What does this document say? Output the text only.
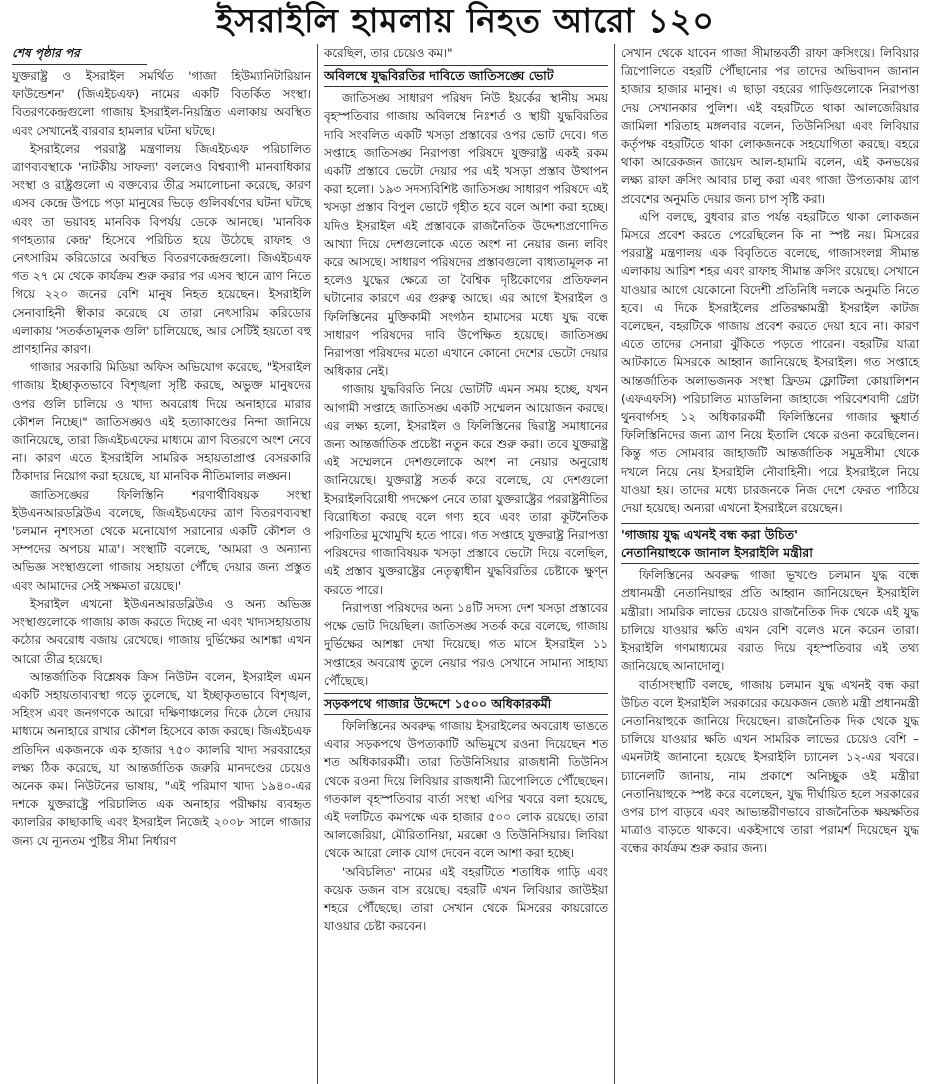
ইসরাইলি হামলায় নিহত আরো ১২০
শেষ পৃষ্ঠার পর

যুক্তরাষ্ট্র ও ইসরাইল সমর্থিত 'গাজা হিউম্যানিটারিয়ান ফাউন্ডেশন' (জিএইচএফ) নামের একটি বিতর্কিত সংস্থা। বিতরণকেন্দ্রগুলো গাজায় ইসরাইল-নিয়ন্ত্রিত এলাকায় অবস্থিত এবং সেখানেই বারবার হামলার ঘটনা ঘটছে।

ইসরাইলের পররাষ্ট্র মন্ত্রণালয় জিএইচএফ পরিচালিত ত্রাণব্যবস্থাকে 'নাটকীয় সাফল্য' বললেও বিশ্বব্যাপী মানবাধিকার সংস্থা ও রাষ্ট্রগুলো এ বক্তব্যের তীব্র সমালোচনা করেছে, কারণ এসব কেন্দ্রে উপচে পড়া মানুষের ভিড়ে গুলিবর্ষণের ঘটনা ঘটছে এবং তা ভয়াবহ মানবিক বিপর্যয় ডেকে আনছে। 'মানবিক গণহত্যার কেন্দ্র' হিসেবে পরিচিত হয়ে উঠেছে রাফাহ ও নেৎসারিম করিডোরে অবস্থিত বিতরণকেন্দ্রগুলো। জিএইচএফ গত ২৭ মে থেকে কার্যক্রম শুরু করার পর এসব স্থানে ত্রাণ নিতে গিয়ে ২২০ জনের বেশি মানুষ নিহত হয়েছেন। ইসরাইলি সেনাবাহিনী স্বীকার করেছে যে তারা নেৎসারিম করিডোর এলাকায় 'সতর্কতামূলক গুলি' চালিয়েছে, আর সেটিই হয়তো বহু প্রাণহানির কারণ।

গাজার সরকারি মিডিয়া অফিস অভিযোগ করেছে, "ইসরাইল গাজায় ইচ্ছাকৃতভাবে বিশৃঙ্খলা সৃষ্টি করছে, অভুক্ত মানুষদের ওপর গুলি চালিয়ে ও খাদ্য অবরোধ দিয়ে অনাহারে মারার কৌশল নিচ্ছে।" জাতিসঙ্ঘও এই হত্যাকাণ্ডের নিন্দা জানিয়ে জানিয়েছে, তারা জিএইচএফের মাধ্যমে ত্রাণ বিতরণে অংশ নেবে না। কারণ এতে ইসরাইলি সামরিক সহায়তাপ্রাপ্ত বেসরকারি ঠিকাদার নিয়োগ করা হয়েছে, যা মানবিক নীতিমালার লঙ্ঘন।

জাতিসঙ্ঘের ফিলিস্তিনি শরণার্থীবিষয়ক সংস্থা ইউএনআরডব্লিউএ বলেছে, জিএইচএফের ত্রাণ বিতরণব্যবস্থা 'চলমান নৃশংসতা থেকে মনোযোগ সরানোর একটি কৌশল ও সম্পদের অপচয় মাত্র'। সংস্থাটি বলেছে, 'আমরা ও অন্যান্য অভিজ্ঞ সংস্থাগুলো গাজায় সহায়তা পৌঁছে দেয়ার জন্য প্রস্তুত এবং আমাদের সেই সক্ষমতা রয়েছে।'

ইসরাইল এখনো ইউএনআরডব্লিউএ ও অন্য অভিজ্ঞ সংস্থাগুলোকে গাজায় কাজ করতে দিচ্ছে না এবং খাদ্যসহায়তায় কঠোর অবরোধ বজায় রেখেছে। গাজায় দুর্ভিক্ষের আশঙ্কা এখন আরো তীব্র হয়েছে।

আন্তর্জাতিক বিশ্লেষক ক্রিস নিউটন বলেন, ইসরাইল এমন একটি সহায়তাব্যবস্থা গড়ে তুলেছে, যা ইচ্ছাকৃতভাবে বিশৃঙ্খল, সহিংস এবং জনগণকে আরো দক্ষিণাঞ্চলের দিকে ঠেলে দেয়ার মাধ্যমে অনাহারে রাখার কৌশল হিসেবে কাজ করছে। জিএইচএফ প্রতিদিন একজনকে এক হাজার ৭৫০ ক্যালরি খাদ্য সরবরাহের লক্ষ্য ঠিক করেছে, যা আন্তর্জাতিক জরুরি মানদণ্ডের চেয়েও অনেক কম। নিউটনের ভাষায়, "এই পরিমাণ খাদ্য ১৯৪০-এর দশকে যুক্তরাষ্ট্রে পরিচালিত এক অনাহার পরীক্ষায় ব্যবহৃত ক্যালরির কাছাকাছি এবং ইসরাইল নিজেই ২০০৮ সালে গাজার জন্য যে ন্যূনতম পুষ্টির সীমা নির্ধারণ

করেছিল, তার চেয়েও কম।"

অবিলম্বে যুদ্ধবিরতির দাবিতে জাতিসঙ্ঘে ভোট

জাতিসঙ্ঘ সাধারণ পরিষদ নিউ ইয়র্কের স্থানীয় সময় বৃহস্পতিবার গাজায় অবিলম্বে নিঃশর্ত ও স্থায়ী যুদ্ধবিরতির দাবি সংবলিত একটি খসড়া প্রস্তাবের ওপর ভোট দেবে। গত সপ্তাহে জাতিসঙ্ঘ নিরাপত্তা পরিষদে যুক্তরাষ্ট্র একই রকম একটি প্রস্তাবে ভেটো দেয়ার পর এই খসড়া প্রস্তাব উত্থাপন করা হলো। ১৯৩ সদস্যবিশিষ্ট জাতিসঙ্ঘ সাধারণ পরিষদে এই খসড়া প্রস্তাব বিপুল ভোটে গৃহীত হবে বলে আশা করা হচ্ছে। যদিও ইসরাইল এই প্রস্তাবকে রাজনৈতিক উদ্দেশ্যপ্রণোদিত আখ্যা দিয়ে দেশগুলোকে এতে অংশ না নেয়ার জন্য লবিং করে আসছে। সাধারণ পরিষদের প্রস্তাবগুলো বাধ্যতামূলক না হলেও যুদ্ধের ক্ষেত্রে তা বৈশ্বিক দৃষ্টিকোণের প্রতিফলন ঘটানোর কারণে এর গুরুত্ব আছে। এর আগে ইসরাইল ও ফিলিস্তিনের মুক্তিকামী সংগঠন হামাসের মধ্যে যুদ্ধ বন্ধে সাধারণ পরিষদের দাবি উপেক্ষিত হয়েছে। জাতিসঙ্ঘ নিরাপত্তা পরিষদের মতো এখানে কোনো দেশের ভেটো দেয়ার অধিকার নেই।

গাজায় যুদ্ধবিরতি নিয়ে ভোটটি এমন সময় হচ্ছে, যখন আগামী সপ্তাহে জাতিসঙ্ঘ একটি সম্মেলন আয়োজন করছে। এর লক্ষ্য হলো, ইসরাইল ও ফিলিস্তিনের দ্বিরাষ্ট্র সমাধানের জন্য আন্তর্জাতিক প্রচেষ্টা নতুন করে শুরু করা। তবে যুক্তরাষ্ট্র এই সম্মেলনে দেশগুলোকে অংশ না নেয়ার অনুরোধ জানিয়েছে। যুক্তরাষ্ট্র সতর্ক করে বলেছে, যে দেশগুলো ইসরাইলবিরোধী পদক্ষেপ নেবে তারা যুক্তরাষ্ট্রের পররাষ্ট্রনীতির বিরোধিতা করছে বলে গণ্য হবে এবং তারা কূটনৈতিক পরিণতির মুখোমুখি হতে পারে। গত সপ্তাহে যুক্তরাষ্ট্র নিরাপত্তা পরিষদের গাজাবিষয়ক খসড়া প্রস্তাবে ভেটো দিয়ে বলেছিল, এই প্রস্তাব যুক্তরাষ্ট্রের নেতৃত্বাধীন যুদ্ধবিরতির চেষ্টাকে ক্ষুণ্ন করতে পারে।

নিরাপত্তা পরিষদের অন্য ১৪টি সদস্য দেশ খসড়া প্রস্তাবের পক্ষে ভোট দিয়েছিল। জাতিসঙ্ঘ সতর্ক করে বলেছে, গাজায় দুর্ভিক্ষের আশঙ্কা দেখা দিয়েছে। গত মাসে ইসরাইল ১১ সপ্তাহের অবরোধ তুলে নেয়ার পরও সেখানে সামান্য সাহায্য পৌঁছেছে।

সড়কপথে গাজার উদ্দেশে ১৫০০ অধিকারকর্মী

ফিলিস্তিনের অবরুদ্ধ গাজায় ইসরাইলের অবরোধ ভাঙতে এবার সড়কপথে উপত্যকাটি অভিমুখে রওনা দিয়েছেন শত শত অধিকারকর্মী। তারা তিউনিসিয়ার রাজধানী তিউনিস থেকে রওনা দিয়ে লিবিয়ার রাজধানী ত্রিপোলিতে পৌঁছেছেন। গতকাল বৃহস্পতিবার বার্তা সংস্থা এপির খবরে বলা হয়েছে, এই দলটিতে কমপক্ষে এক হাজার ৫০০ লোক রয়েছে। তারা আলজেরিয়া, মৌরিতানিয়া, মরক্কো ও তিউনিসিয়ার। লিবিয়া থেকে আরো লোক যোগ দেবেন বলে আশা করা হচ্ছে।

'অবিচলিত' নামের এই বহরটিতে শতাধিক গাড়ি এবং কয়েক ডজন বাস রয়েছে। বহরটি এখন লিবিয়ার জাউইয়া শহরে পৌঁছেছে। তারা সেখান থেকে মিসরের কায়রোতে যাওয়ার চেষ্টা করবেন।

সেখান থেকে যাবেন গাজা সীমান্তবর্তী রাফা ক্রসিংয়ে। লিবিয়ার ত্রিপোলিতে বহরটি পৌঁছানোর পর তাদের অভিবাদন জানান হাজার হাজার মানুষ। এ ছাড়া বহরের গাড়িগুলোকে নিরাপত্তা দেয় সেখানকার পুলিশ। এই বহরটিতে থাকা আলজেরিয়ার জামিলা শরিতাহ মঙ্গলবার বলেন, তিউনিসিয়া এবং লিবিয়ার কর্তৃপক্ষ বহরটিতে থাকা লোকজনকে সহযোগিতা করছে। বহরে থাকা আরেকজন জায়েদ আল-হামামি বলেন, এই কনভয়ের লক্ষ্য রাফা ক্রসিং আবার চালু করা এবং গাজা উপত্যকায় ত্রাণ প্রবেশের অনুমতি দেয়ার জন্য চাপ সৃষ্টি করা।

এপি বলছে, বুধবার রাত পর্যন্ত বহরটিতে থাকা লোকজন মিসরে প্রবেশ করতে পেরেছিলেন কি না স্পষ্ট নয়। মিসরের পররাষ্ট্র মন্ত্রণালয় এক বিবৃতিতে বলেছে, গাজাসংলগ্ন সীমান্ত এলাকায় আরিশ শহর এবং রাফাহ সীমান্ত ক্রসিং রয়েছে। সেখানে যাওয়ার আগে যেকোনো বিদেশী প্রতিনিধি দলকে অনুমতি নিতে হবে। এ দিকে ইসরাইলের প্রতিরক্ষামন্ত্রী ইসরাইল কাটজ বলেছেন, বহরটিকে গাজায় প্রবেশ করতে দেয়া হবে না। কারণ এতে তাদের সেনারা ঝুঁকিতে পড়তে পারেন। বহরটির যাত্রা আটকাতে মিসরকে আহ্বান জানিয়েছে ইসরাইল। গত সপ্তাহে আন্তর্জাতিক অলাভজনক সংস্থা ফ্রিডম ফ্লোটিলা কোয়ালিশন (এফএফসি) পরিচালিত ম্যাডলিনা জাহাজে পরিবেশবাদী গ্রেটা থুনবার্গসহ ১২ অধিকারকর্মী ফিলিস্তিনের গাজার ক্ষুধার্ত ফিলিস্তিনিদের জন্য ত্রাণ নিয়ে ইতালি থেকে রওনা করেছিলেন। কিন্তু গত সোমবার জাহাজটি আন্তর্জাতিক সমুদ্রসীমা থেকে দখলে নিয়ে নেয় ইসরাইলি নৌবাহিনী। পরে ইসরাইলে নিয়ে যাওয়া হয়। তাদের মধ্যে চারজনকে নিজ দেশে ফেরত পাঠিয়ে দেয়া হয়েছে। অন্যরা এখনো ইসরাইলে রয়েছেন।

'গাজায় যুদ্ধ এখনই বন্ধ করা উচিত'
নেতানিয়াহুকে জানাল ইসরাইলি মন্ত্রীরা

ফিলিস্তিনের অবরুদ্ধ গাজা ভূখণ্ডে চলমান যুদ্ধ বন্ধে প্রধানমন্ত্রী নেতানিয়াহুর প্রতি আহ্বান জানিয়েছেন ইসরাইলি মন্ত্রীরা। সামরিক লাভের চেয়েও রাজনৈতিক দিক থেকে এই যুদ্ধ চালিয়ে যাওয়ার ক্ষতি এখন বেশি বলেও মনে করেন তারা। ইসরাইলি গণমাধ্যমের বরাত দিয়ে বৃহস্পতিবার এই তথ্য জানিয়েছে আনাদোলু।

বার্তাসংস্থাটি বলছে, গাজায় চলমান যুদ্ধ এখনই বন্ধ করা উচিত বলে ইসরাইলি সরকারের কয়েকজন জ্যেষ্ঠ মন্ত্রী প্রধানমন্ত্রী নেতানিয়াহুকে জানিয়ে দিয়েছেন। রাজনৈতিক দিক থেকে যুদ্ধ চালিয়ে যাওয়ার ক্ষতি এখন সামরিক লাভের চেয়েও বেশি – এমনটাই জানানো হয়েছে ইসরাইলি চ্যানেল ১২-এর খবরে। চ্যানেলটি জানায়, নাম প্রকাশে অনিচ্ছুক ওই মন্ত্রীরা নেতানিয়াহুকে স্পষ্ট করে বলেছেন, যুদ্ধ দীর্ঘায়িত হলে সরকারের ওপর চাপ বাড়বে এবং আভ্যন্তরীণভাবে রাজনৈতিক ক্ষয়ক্ষতির মাত্রাও বাড়তে থাকবে। একইসাথে তারা পরামর্শ দিয়েছেন যুদ্ধ বন্ধের কার্যক্রম শুরু করার জন্য।
